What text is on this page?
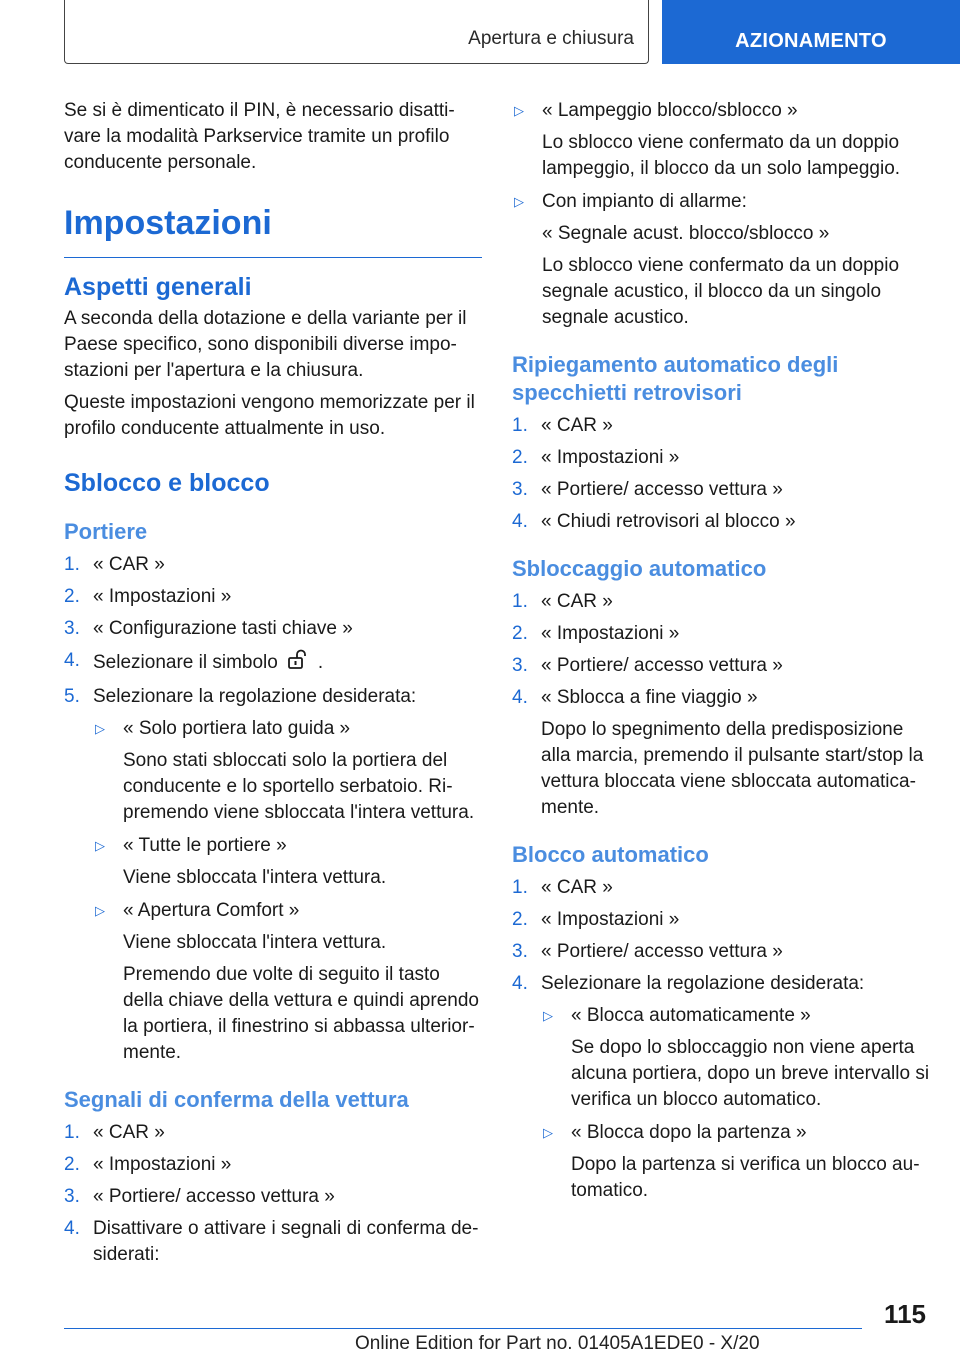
Apertura e chiusura	AZIONAMENTO

Se si è dimenticato il PIN, è necessario disattivare la modalità Parkservice tramite un profilo conducente personale.

Impostazioni
Aspetti generali

A seconda della dotazione e della variante per il Paese specifico, sono disponibili diverse impostazioni per l'apertura e la chiusura.

Queste impostazioni vengono memorizzate per il profilo conducente attualmente in uso.

Sblocco e blocco
Portiere
1. « CAR »
2. « Impostazioni »
3. « Configurazione tasti chiave »
4. Selezionare il simbolo .
5. Selezionare la regolazione desiderata:
▷ « Solo portiera lato guida »
Sono stati sbloccati solo la portiera del conducente e lo sportello serbatoio. Ripremendo viene sbloccata l'intera vettura.
▷ « Tutte le portiere »
Viene sbloccata l'intera vettura.
▷ « Apertura Comfort »
Viene sbloccata l'intera vettura.
Premendo due volte di seguito il tasto della chiave della vettura e quindi aprendo la portiera, il finestrino si abbassa ulteriormente.
Segnali di conferma della vettura
1. « CAR »
2. « Impostazioni »
3. « Portiere/ accesso vettura »
4. Disattivare o attivare i segnali di conferma desiderati:
▷ « Lampeggio blocco/sblocco »
Lo sblocco viene confermato da un doppio lampeggio, il blocco da un solo lampeggio.
▷ Con impianto di allarme:
« Segnale acust. blocco/sblocco »
Lo sblocco viene confermato da un doppio segnale acustico, il blocco da un singolo segnale acustico.
Ripiegamento automatico degli specchietti retrovisori
1. « CAR »
2. « Impostazioni »
3. « Portiere/ accesso vettura »
4. « Chiudi retrovisori al blocco »
Sbloccaggio automatico
1. « CAR »
2. « Impostazioni »
3. « Portiere/ accesso vettura »
4. « Sblocca a fine viaggio »
Dopo lo spegnimento della predisposizione alla marcia, premendo il pulsante start/stop la vettura bloccata viene sbloccata automaticamente.
Blocco automatico
1. « CAR »
2. « Impostazioni »
3. « Portiere/ accesso vettura »
4. Selezionare la regolazione desiderata:
▷ « Blocca automaticamente »
Se dopo lo sbloccaggio non viene aperta alcuna portiera, dopo un breve intervallo si verifica un blocco automatico.
▷ « Blocca dopo la partenza »
Dopo la partenza si verifica un blocco automatico.
115
Online Edition for Part no. 01405A1EDE0 - X/20
